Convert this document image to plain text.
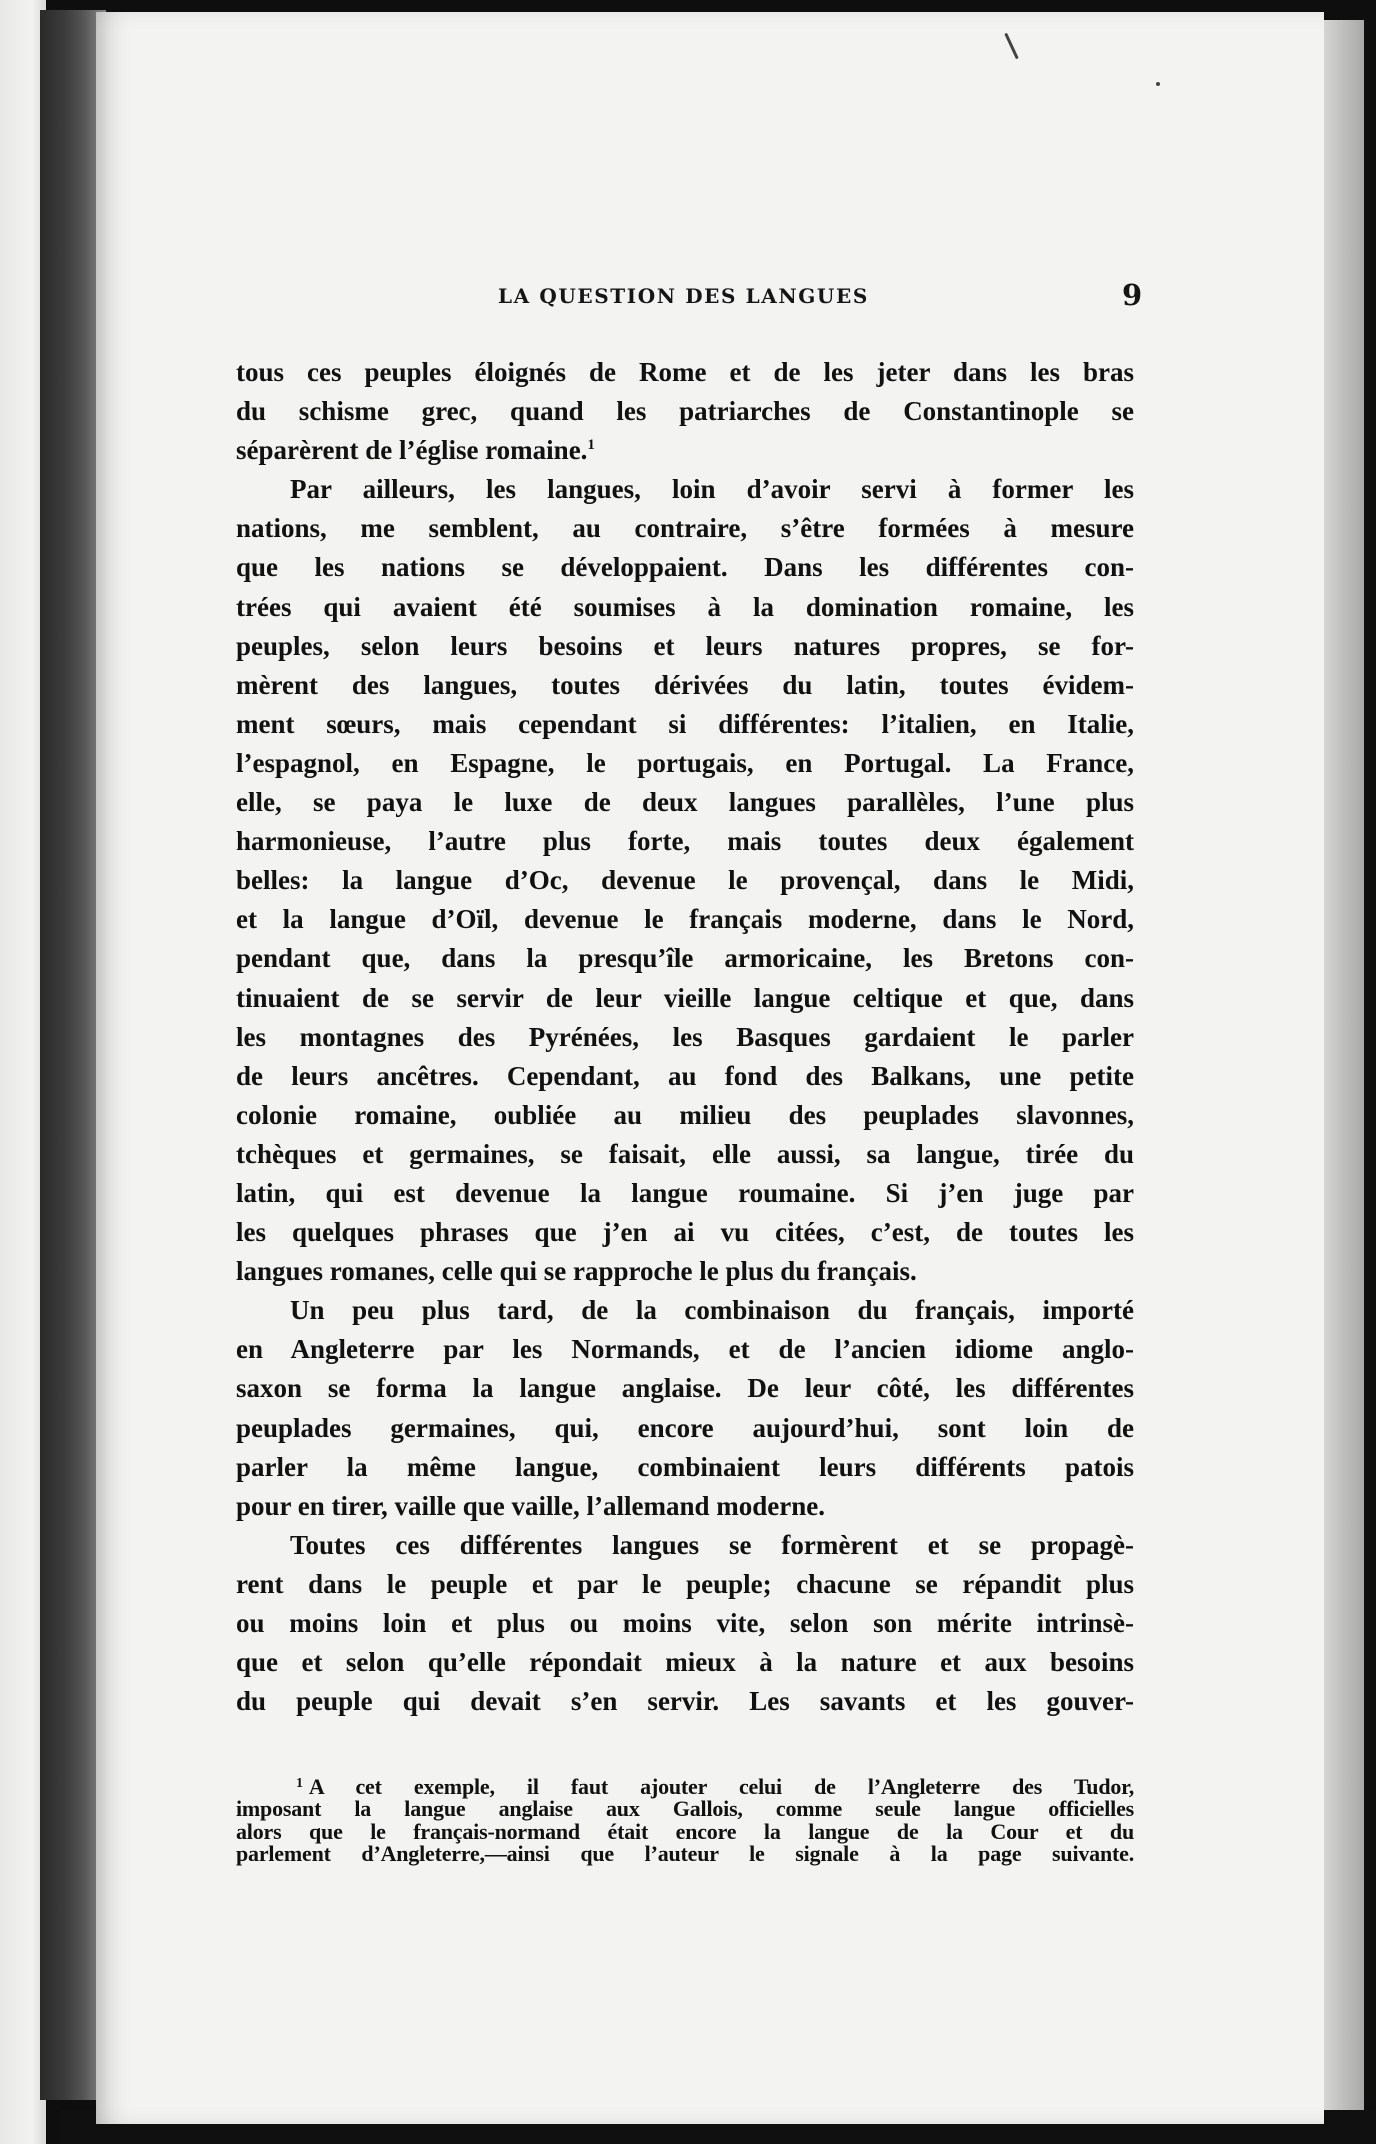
LA QUESTION DES LANGUES	9
tous ces peuples éloignés de Rome et de les jeter dans les bras
du schisme grec, quand les patriarches de Constantinople se
séparèrent de l’église romaine.$^1$
Par ailleurs, les langues, loin d’avoir servi à former les
nations, me semblent, au contraire, s’être formées à mesure
que les nations se développaient. Dans les différentes con-
trées qui avaient été soumises à la domination romaine, les
peuples, selon leurs besoins et leurs natures propres, se for-
mèrent des langues, toutes dérivées du latin, toutes évidem-
ment sœurs, mais cependant si différentes: l’italien, en Italie,
l’espagnol, en Espagne, le portugais, en Portugal. La France,
elle, se paya le luxe de deux langues parallèles, l’une plus
harmonieuse, l’autre plus forte, mais toutes deux également
belles: la langue d’Oc, devenue le provençal, dans le Midi,
et la langue d’Oïl, devenue le français moderne, dans le Nord,
pendant que, dans la presqu’île armoricaine, les Bretons con-
tinuaient de se servir de leur vieille langue celtique et que, dans
les montagnes des Pyrénées, les Basques gardaient le parler
de leurs ancêtres. Cependant, au fond des Balkans, une petite
colonie romaine, oubliée au milieu des peuplades slavonnes,
tchèques et germaines, se faisait, elle aussi, sa langue, tirée du
latin, qui est devenue la langue roumaine. Si j’en juge par
les quelques phrases que j’en ai vu citées, c’est, de toutes les
langues romanes, celle qui se rapproche le plus du français.
Un peu plus tard, de la combinaison du français, importé
en Angleterre par les Normands, et de l’ancien idiome anglo-
saxon se forma la langue anglaise. De leur côté, les différentes
peuplades germaines, qui, encore aujourd’hui, sont loin de
parler la même langue, combinaient leurs différents patois
pour en tirer, vaille que vaille, l’allemand moderne.
Toutes ces différentes langues se formèrent et se propagè-
rent dans le peuple et par le peuple; chacune se répandit plus
ou moins loin et plus ou moins vite, selon son mérite intrinsè-
que et selon qu’elle répondait mieux à la nature et aux besoins
du peuple qui devait s’en servir. Les savants et les gouver-
$^1$ A cet exemple, il faut ajouter celui de l’Angleterre des Tudor,
imposant la langue anglaise aux Gallois, comme seule langue officielles
alors que le français-normand était encore la langue de la Cour et du
parlement d’Angleterre,—ainsi que l’auteur le signale à la page suivante.
